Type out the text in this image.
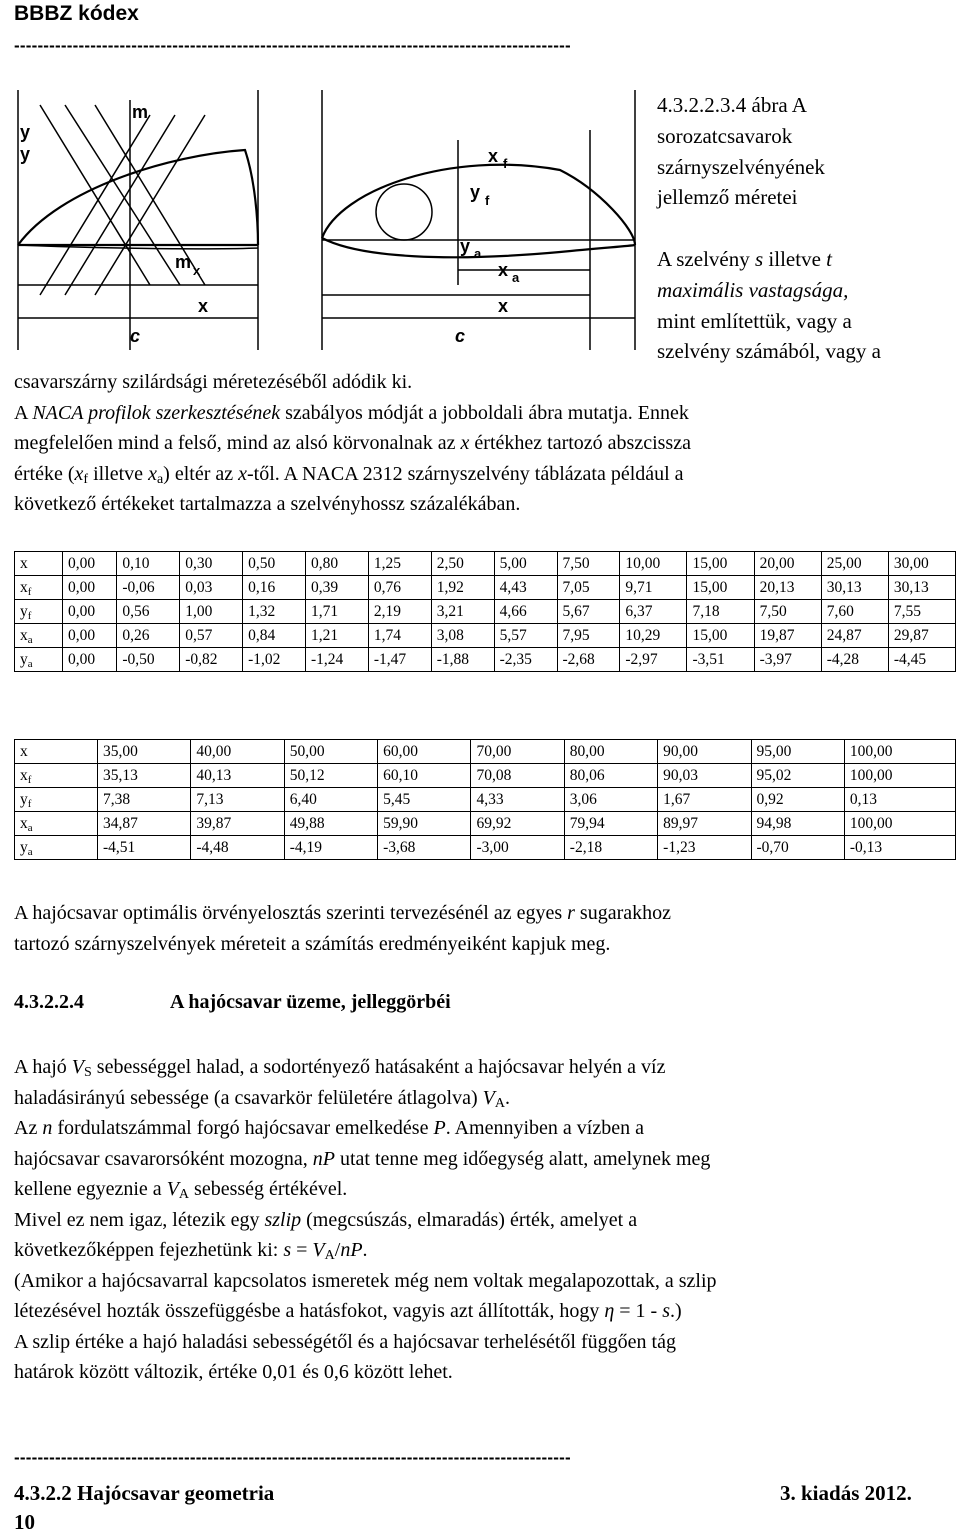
BBBZ kódex
-----------------------------------------------------------------------------------------------
m
y
y
m x
x
c
x f
y f
y a
x a
x
c
4.3.2.2.3.4 ábra A
sorozatcsavarok
szárnyszelvényének
jellemző méretei
A szelvény s illetve t
maximális vastagsága,
mint említettük, vagy a
szelvény számából, vagy a
csavarszárny szilárdsági méretezéséből adódik ki.
A NACA profilok szerkesztésének szabályos módját a jobboldali ábra mutatja. Ennek
megfelelően mind a felső, mind az alsó körvonalnak az x értékhez tartozó abszcissza
értéke ($x_f$ illetve $x_a$) eltér az x-től. A NACA 2312 szárnyszelvény táblázata például a
következő értékeket tartalmazza a szelvényhossz százalékában.
x	0,00	0,10	0,30	0,50	0,80	1,25	2,50	5,00	7,50	10,00	15,00	20,00	25,00	30,00
$x_f$	0,00	-0,06	0,03	0,16	0,39	0,76	1,92	4,43	7,05	9,71	15,00	20,13	30,13	30,13
$y_f$	0,00	0,56	1,00	1,32	1,71	2,19	3,21	4,66	5,67	6,37	7,18	7,50	7,60	7,55
$x_a$	0,00	0,26	0,57	0,84	1,21	1,74	3,08	5,57	7,95	10,29	15,00	19,87	24,87	29,87
$y_a$	0,00	-0,50	-0,82	-1,02	-1,24	-1,47	-1,88	-2,35	-2,68	-2,97	-3,51	-3,97	-4,28	-4,45
x	35,00	40,00	50,00	60,00	70,00	80,00	90,00	95,00	100,00
$x_f$	35,13	40,13	50,12	60,10	70,08	80,06	90,03	95,02	100,00
$y_f$	7,38	7,13	6,40	5,45	4,33	3,06	1,67	0,92	0,13
$x_a$	34,87	39,87	49,88	59,90	69,92	79,94	89,97	94,98	100,00
$y_a$	-4,51	-4,48	-4,19	-3,68	-3,00	-2,18	-1,23	-0,70	-0,13
A hajócsavar optimális örvényelosztás szerinti tervezésénél az egyes r sugarakhoz
tartozó szárnyszelvények méreteit a számítás eredményeiként kapjuk meg.
4.3.2.2.4	A hajócsavar üzeme, jelleggörbéi
A hajó $V_S$ sebességgel halad, a sodortényező hatásaként a hajócsavar helyén a víz
haladásirányú sebessége (a csavarkör felületére átlagolva) $V_A$.
Az n fordulatszámmal forgó hajócsavar emelkedése P. Amennyiben a vízben a
hajócsavar csavarorsóként mozogna, nP utat tenne meg időegység alatt, amelynek meg
kellene egyeznie a $V_A$ sebesség értékével.
Mivel ez nem igaz, létezik egy szlip (megcsúszás, elmaradás) érték, amelyet a
következőképpen fejezhetünk ki: $s = V_A/nP$.
(Amikor a hajócsavarral kapcsolatos ismeretek még nem voltak megalapozottak, a szlip
létezésével hozták összefüggésbe a hatásfokot, vagyis azt állították, hogy η = 1 - s.)
A szlip értéke a hajó haladási sebességétől és a hajócsavar terhelésétől függően tág
határok között változik, értéke 0,01 és 0,6 között lehet.
-----------------------------------------------------------------------------------------------
4.3.2.2 Hajócsavar geometria	3. kiadás 2012.
10
